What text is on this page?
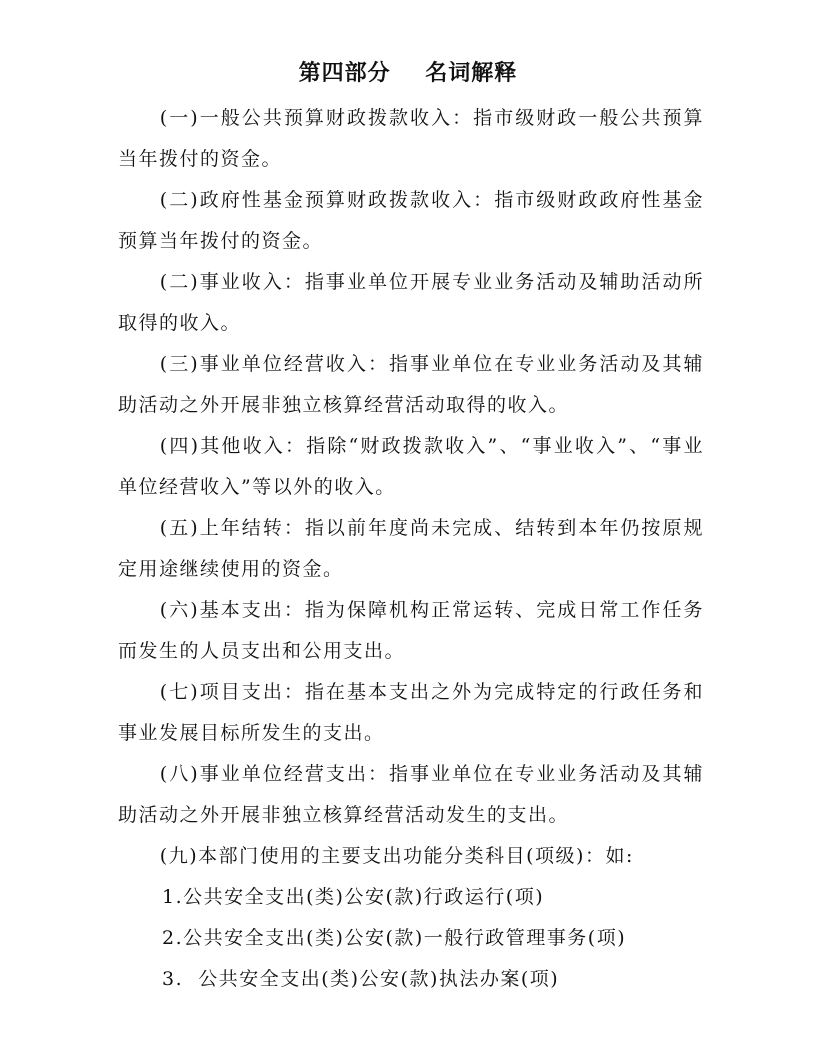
第四部分    名词解释

(一)一般公共预算财政拨款收入：指市级财政一般公共预算当年拨付的资金。

(二)政府性基金预算财政拨款收入：指市级财政政府性基金预算当年拨付的资金。

(二)事业收入：指事业单位开展专业业务活动及辅助活动所取得的收入。

(三)事业单位经营收入：指事业单位在专业业务活动及其辅助活动之外开展非独立核算经营活动取得的收入。

(四)其他收入：指除“财政拨款收入”、“事业收入”、“事业单位经营收入”等以外的收入。

(五)上年结转：指以前年度尚未完成、结转到本年仍按原规定用途继续使用的资金。

(六)基本支出：指为保障机构正常运转、完成日常工作任务而发生的人员支出和公用支出。

(七)项目支出：指在基本支出之外为完成特定的行政任务和事业发展目标所发生的支出。

(八)事业单位经营支出：指事业单位在专业业务活动及其辅助活动之外开展非独立核算经营活动发生的支出。

(九)本部门使用的主要支出功能分类科目(项级)：如:

1.公共安全支出(类)公安(款)行政运行(项)

2.公共安全支出(类)公安(款)一般行政管理事务(项)

3.  公共安全支出(类)公安(款)执法办案(项)
